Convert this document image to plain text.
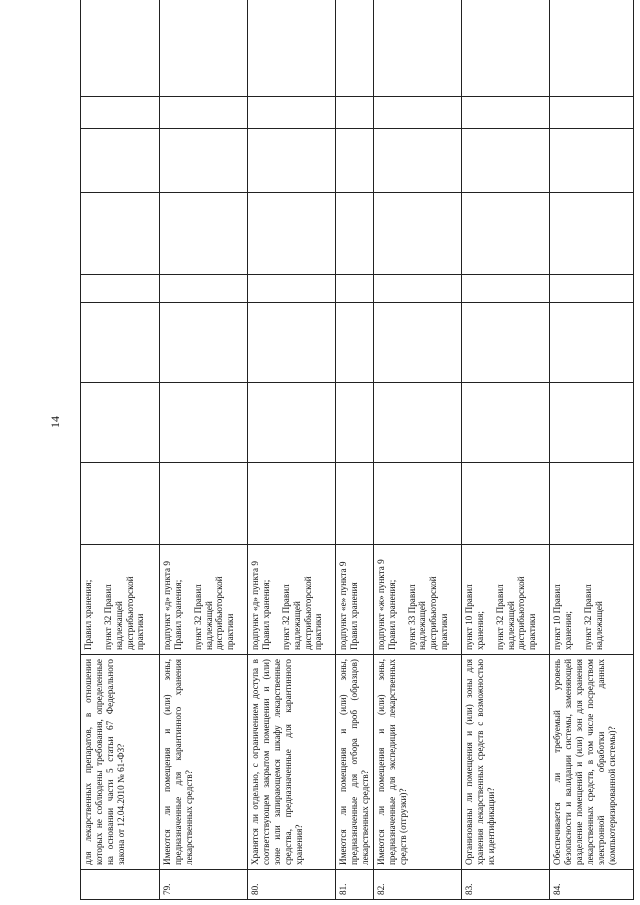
14
	для лекарственных препаратов, в отношении которых не соблюдены требования, определенные на основании части 5 статьи 67 Федерального закона от 12.04.2010 № 61-ФЗ?	Правил хранения; пункт 32 Правил надлежащей дистрибьюторской практики								

79.	Имеются ли помещения и (или) зоны, предназначенные для карантинного хранения лекарственных средств?	подпункт «д» пункта 9 Правил хранения; пункт 32 Правил надлежащей дистрибьюторской практики								

80.	Хранятся ли отдельно, с ограничением доступа в соответствующем закрытом помещении и (или) зоне или запирающемся шкафу лекарственные средства, предназначенные для карантинного хранения?	подпункт «д» пункта 9 Правил хранения; пункт 32 Правил надлежащей дистрибьюторской практики								

81.	Имеются ли помещения и (или) зоны, предназначенные для отбора проб (образцов) лекарственных средств?	подпункт «е» пункта 9 Правил хранения								

82.	Имеются ли помещения и (или) зоны, предназначенные для экспедиции лекарственных средств (отгрузки)?	подпункт «ж» пункта 9 Правил хранения; пункт 33 Правил надлежащей дистрибьюторской практики								

83.	Организованы ли помещения и (или) зоны для хранения лекарственных средств с возможностью их идентификации?	пункт 10 Правил хранения; пункт 32 Правил надлежащей дистрибьюторской практики								

84.	Обеспечивается ли требуемый уровень безопасности и валидации системы, заменяющей разделение помещений и (или) зон для хранения лекарственных средств, в том числе посредством электронной обработки данных (компьютеризированной системы)?	пункт 10 Правил хранения; пункт 32 Правил надлежащей								
